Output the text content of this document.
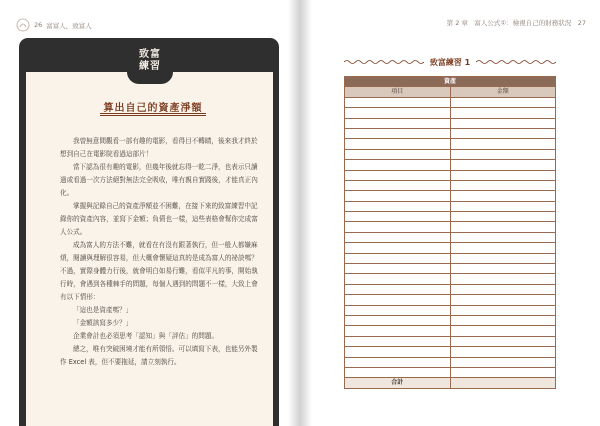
26 富富人，致富人
致富
練習
算出自己的資產淨額

我曾無意間觀看一部有趣的電影，看得目不轉睛，後來我才終於想到自己在電影院看過這部片！

當下認為很有趣的電影，但幾年後就忘得一乾二淨，也表示只讀過或看過一次方法絕對無法完全吸收，唯有親自實踐後，才能真正內化。

掌握與記錄自己的資產淨額並不困難，在接下來的致富練習中記錄你的資產內容，並寫下金額；負債也一樣，這些表格會幫你完成富人公式。

成為富人的方法不難，就看在有沒有跟著執行，但一般人都嫌麻煩，閱讀與理解很容易，但大概會懷疑這真的是成為富人的祕訣嗎？不過，實際身體力行後，就會明白如易行難，看似平凡的事，開始執行時，會遇到各種棘手的問題，每個人遇到的問題不一樣，大致上會有以下情形：

「這也是資產嗎？」

「金額該寫多少？」

企業會計也必須思考「認知」與「評估」的問題。

總之，唯有突破困境才能有所領悟。可以填寫下表，也能另外製作 Excel 表，但不要拖延，請立刻執行。

第 2 章　富人公式①：檢視自己的財務狀況　27
致富練習 1
資產	
項目	金額

合計	
